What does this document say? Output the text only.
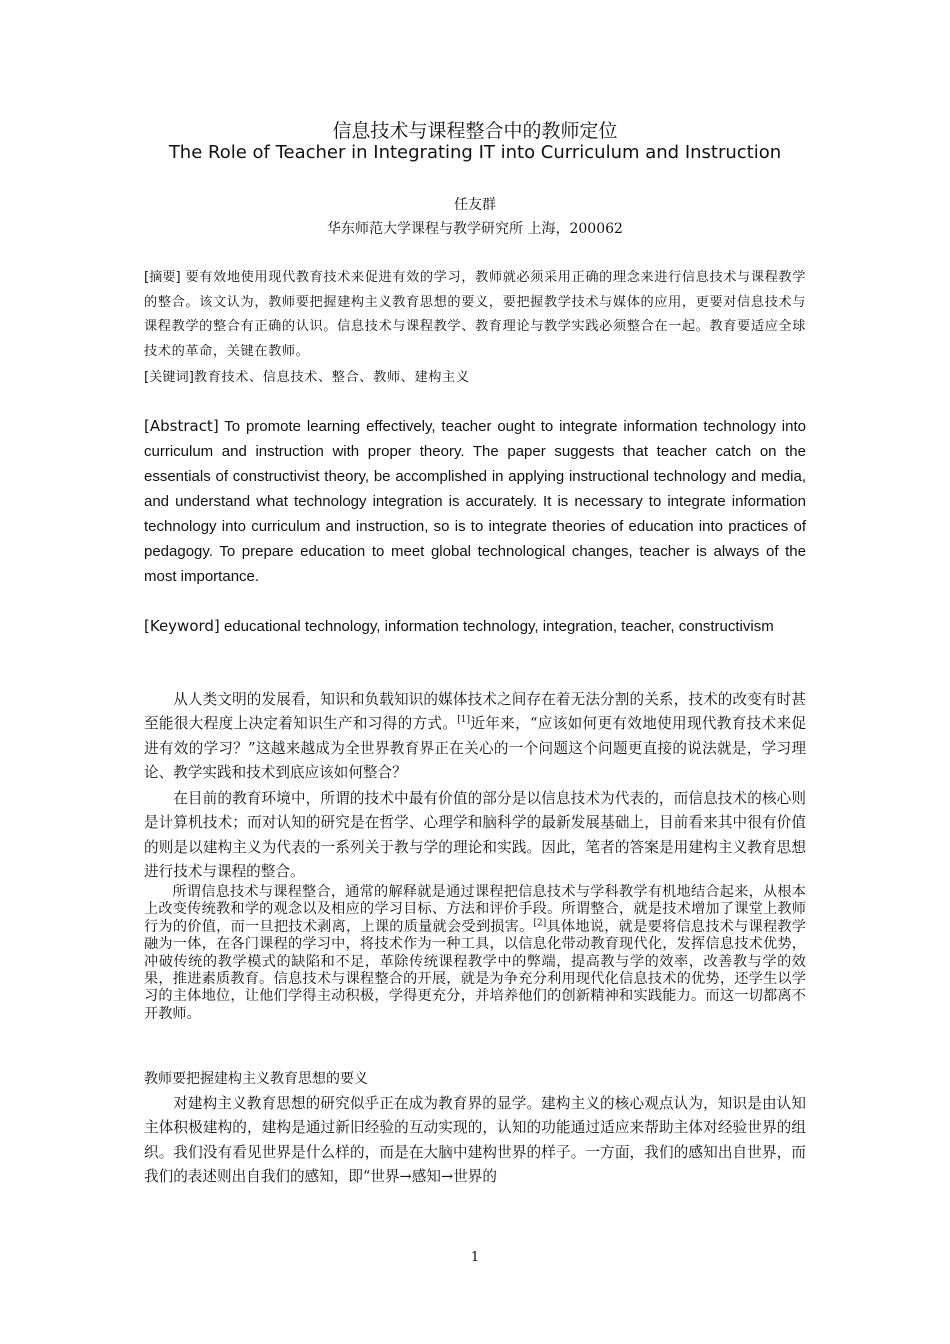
信息技术与课程整合中的教师定位
The Role of Teacher in Integrating IT into Curriculum and Instruction
任友群
华东师范大学课程与教学研究所 上海，200062
[摘要] 要有效地使用现代教育技术来促进有效的学习，教师就必须采用正确的理念来进行信息技术与课程教学的整合。该文认为，教师要把握建构主义教育思想的要义，要把握教学技术与媒体的应用，更要对信息技术与课程教学的整合有正确的认识。信息技术与课程教学、教育理论与教学实践必须整合在一起。教育要适应全球技术的革命，关键在教师。
[关键词]教育技术、信息技术、整合、教师、建构主义
[Abstract] To promote learning effectively, teacher ought to integrate information technology into curriculum and instruction with proper theory. The paper suggests that teacher catch on the essentials of constructivist theory, be accomplished in applying instructional technology and media, and understand what technology integration is accurately. It is necessary to integrate information technology into curriculum and instruction, so is to integrate theories of education into practices of pedagogy. To prepare education to meet global technological changes, teacher is always of the most importance.
[Keyword] educational technology, information technology, integration, teacher, constructivism

从人类文明的发展看，知识和负载知识的媒体技术之间存在着无法分割的关系，技术的改变有时甚至能很大程度上决定着知识生产和习得的方式。[1]近年来，“应该如何更有效地使用现代教育技术来促进有效的学习？”这越来越成为全世界教育界正在关心的一个问题这个问题更直接的说法就是，学习理论、教学实践和技术到底应该如何整合？

在目前的教育环境中，所谓的技术中最有价值的部分是以信息技术为代表的，而信息技术的核心则是计算机技术；而对认知的研究是在哲学、心理学和脑科学的最新发展基础上，目前看来其中很有价值的则是以建构主义为代表的一系列关于教与学的理论和实践。因此，笔者的答案是用建构主义教育思想进行技术与课程的整合。

所谓信息技术与课程整合，通常的解释就是通过课程把信息技术与学科教学有机地结合起来，从根本上改变传统教和学的观念以及相应的学习目标、方法和评价手段。所谓整合，就是技术增加了课堂上教师行为的价值，而一旦把技术剥离，上课的质量就会受到损害。[2]具体地说，就是要将信息技术与课程教学融为一体，在各门课程的学习中，将技术作为一种工具，以信息化带动教育现代化，发挥信息技术优势，冲破传统的教学模式的缺陷和不足，革除传统课程教学中的弊端，提高教与学的效率，改善教与学的效果，推进素质教育。信息技术与课程整合的开展，就是为争充分利用现代化信息技术的优势，还学生以学习的主体地位，让他们学得主动积极，学得更充分，并培养他们的创新精神和实践能力。而这一切都离不开教师。

教师要把握建构主义教育思想的要义

对建构主义教育思想的研究似乎正在成为教育界的显学。建构主义的核心观点认为，知识是由认知主体积极建构的，建构是通过新旧经验的互动实现的，认知的功能通过适应来帮助主体对经验世界的组织。我们没有看见世界是什么样的，而是在大脑中建构世界的样子。一方面，我们的感知出自世界，而我们的表述则出自我们的感知，即“世界→感知→世界的

1
